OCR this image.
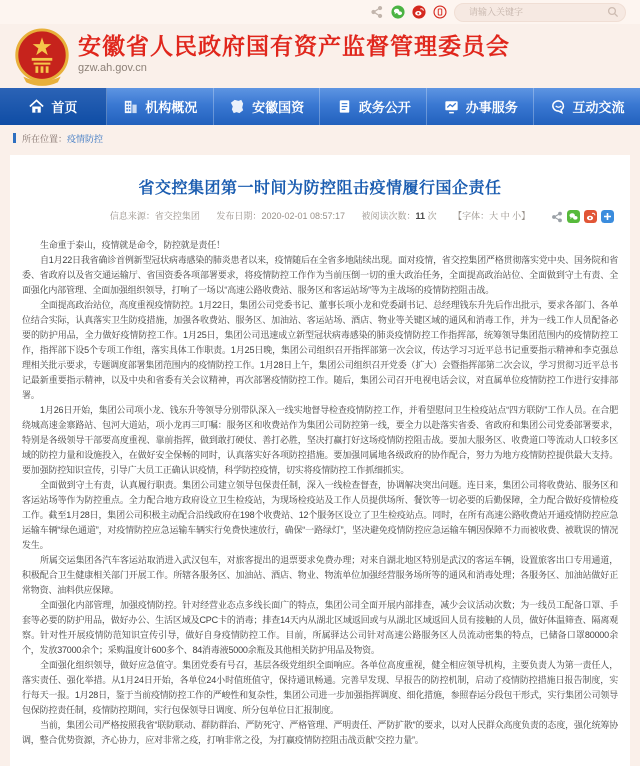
请输入关键字
安徽省人民政府国有资产监督管理委员会
gzw.ah.gov.cn
首页	机构概况	安徽国资	政务公开	办事服务	互动交流
所在位置： 疫情防控
省交控集团第一时间为防控阻击疫情履行国企责任
信息来源：省交控集团 发布日期：2020-02-01 08:57:17 被阅读次数：11 次 【字体：大 中 小】

生命重于泰山，疫情就是命令，防控就是责任！

自1月22日我省确诊首例新型冠状病毒感染的肺炎患者以来，疫情随后在全省多地陆续出现。面对疫情，省交控集团严格贯彻落实党中央、国务院和省委、省政府以及省交通运输厅、省国资委各项部署要求，将疫情防控工作作为当前压倒一切的重大政治任务，全面提高政治站位、全面做到守土有责、全面强化内部管理、全面加强组织领导，打响了一场以“高速公路收费站、服务区和客运站场”等为主战场的疫情防控阻击战。

全面提高政治站位，高度重视疫情防控。1月22日，集团公司党委书记、董事长项小龙和党委副书记、总经理钱东升先后作出批示，要求各部门、各单位结合实际，认真落实卫生防疫措施，加强各收费站、服务区、加油站、客运站场、酒店、物业等关键区域的通风和消毒工作，并为一线工作人员配备必要的防护用品，全力做好疫情防控工作。1月25日，集团公司迅速成立新型冠状病毒感染的肺炎疫情防控工作指挥部，统筹领导集团范围内的疫情防控工作，指挥部下设5个专项工作组，落实具体工作职责。1月25日晚，集团公司组织召开指挥部第一次会议，传达学习习近平总书记重要指示精神和李克强总理相关批示要求，专题调度部署集团范围内的疫情防控工作。1月28日上午，集团公司组织召开党委（扩大）会暨指挥部第二次会议，学习贯彻习近平总书记最新重要指示精神，以及中央和省委有关会议精神，再次部署疫情防控工作。随后，集团公司召开电视电话会议，对直属单位疫情防控工作进行安排部署。

1月26日开始，集团公司项小龙、钱东升等领导分别带队深入一线实地督导检查疫情防控工作，并看望慰问卫生检疫站点“四方联防”工作人员。在合肥绕城高速金寨路站、包河大道站，项小龙再三叮嘱：服务区和收费站作为集团公司防控第一线，要全力以赴落实省委、省政府和集团公司党委部署要求，特别是各级领导干部要高度重视、靠前指挥，做到敢打硬仗、善打必胜，坚决打赢打好这场疫情防控阻击战。要加大服务区、收费道口等流动人口较多区域的防控力量和设施投入，在做好安全保畅的同时，认真落实好各项防控措施。要加强同属地各级政府的协作配合，努力为地方疫情防控提供最大支持。要加强防控知识宣传，引导广大员工正确认识疫情，科学防控疫情，切实将疫情防控工作抓细抓实。

全面做到守土有责，认真履行职责。集团公司建立领导包保责任制，深入一线检查督查，协调解决突出问题。连日来，集团公司将收费站、服务区和客运站场等作为防控重点。全力配合地方政府设立卫生检疫站，为现场检疫站及工作人员提供场所、餐饮等一切必要的后勤保障，全力配合做好疫情检疫工作。截至1月28日，集团公司积极主动配合沿线政府在198个收费站、12个服务区设立了卫生检疫站点。同时，在所有高速公路收费站开通疫情防控应急运输车辆“绿色通道”，对疫情防控应急运输车辆实行免费快速放行，确保“一路绿灯”，坚决避免疫情防控应急运输车辆因保障不力而被收费、被耽误的情况发生。

所属交运集团各汽车客运站取消进入武汉包车，对旅客提出的退票要求免费办理；对来自湖北地区特别是武汉的客运车辆，设置旅客出口专用通道，积极配合卫生健康相关部门开展工作。所辖各服务区、加油站、酒店、物业、物流单位加强经营服务场所等的通风和消毒处理；各服务区、加油站做好正常物资、油料供应保障。

全面强化内部管理，加强疫情防控。针对经营业态点多线长面广的特点，集团公司全面开展内部排查，减少会议活动次数；为一线员工配备口罩、手套等必要的防护用品，做好办公、生活区域及CPC卡的消毒；排查14天内从湖北区域返回或与从湖北区域返回人员有接触的人员，做好体温筛查、隔离观察。针对性开展疫情防范知识宣传引导，做好自身疫情防控工作。目前，所属驿达公司针对高速公路服务区人员流动密集的特点，已储备口罩80000余个，发放37000余个；采购温度计600多个、84消毒液5000余瓶及其他相关防护用品及物资。

全面强化组织领导，做好应急值守。集团党委有号召，基层各级党组织全面响应。各单位高度重视，健全相应领导机构，主要负责人为第一责任人，落实责任、强化举措。从1月24日开始，各单位24小时值班值守，保持通讯畅通。完善早发现、早报告的防控机制，启动了疫情防控措施日报告制度，实行每天一报。1月28日，鉴于当前疫情防控工作的严峻性和复杂性，集团公司进一步加强指挥调度、细化措施，参照春运分段包干形式，实行集团公司领导包保防控责任制，疫情防控期间，实行包保领导日调度、所分包单位日汇报制度。

当前，集团公司严格按照我省“联防联动、群防群治、严防死守、严格管理、严明责任、严防扩散”的要求，以对人民群众高度负责的态度，强化统筹协调，整合优势资源，齐心协力，应对非常之疫，打响非常之役，为打赢疫情防控阻击战贡献“交控力量”。
